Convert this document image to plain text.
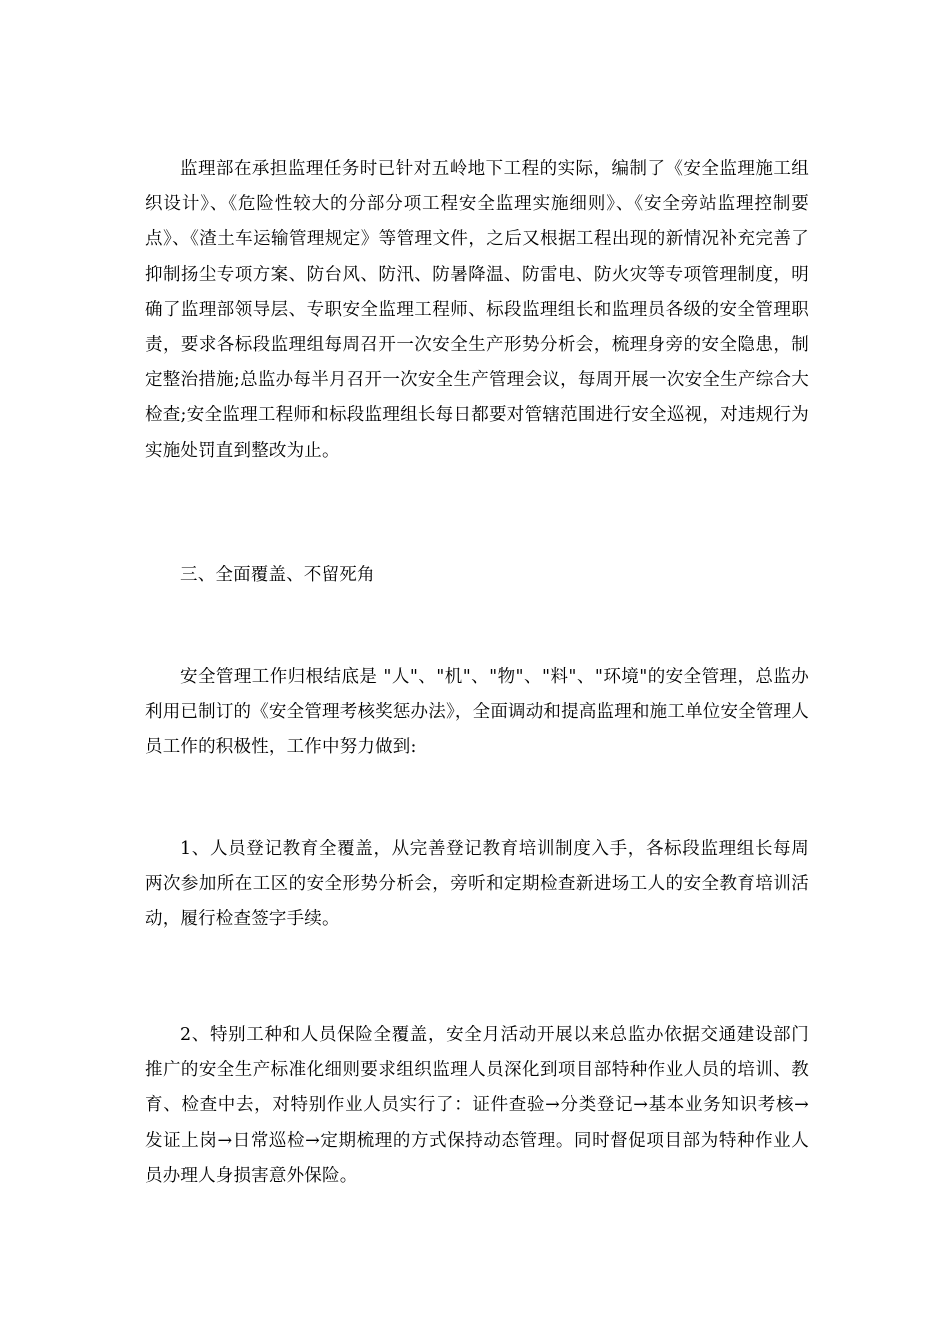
监理部在承担监理任务时已针对五岭地下工程的实际，编制了《安全监理施工组织设计》、《危险性较大的分部分项工程安全监理实施细则》、《安全旁站监理控制要点》、《渣土车运输管理规定》等管理文件，之后又根据工程出现的新情况补充完善了抑制扬尘专项方案、防台风、防汛、防暑降温、防雷电、防火灾等专项管理制度，明确了监理部领导层、专职安全监理工程师、标段监理组长和监理员各级的安全管理职责，要求各标段监理组每周召开一次安全生产形势分析会，梳理身旁的安全隐患，制定整治措施;总监办每半月召开一次安全生产管理会议，每周开展一次安全生产综合大检查;安全监理工程师和标段监理组长每日都要对管辖范围进行安全巡视，对违规行为实施处罚直到整改为止。

三、全面覆盖、不留死角

安全管理工作归根结底是 "人"、"机"、"物"、"料"、"环境"的安全管理，总监办利用已制订的《安全管理考核奖惩办法》，全面调动和提高监理和施工单位安全管理人员工作的积极性，工作中努力做到:

1、人员登记教育全覆盖，从完善登记教育培训制度入手，各标段监理组长每周两次参加所在工区的安全形势分析会，旁听和定期检查新进场工人的安全教育培训活动，履行检查签字手续。

2、特别工种和人员保险全覆盖，安全月活动开展以来总监办依据交通建设部门推广的安全生产标准化细则要求组织监理人员深化到项目部特种作业人员的培训、教育、检查中去，对特别作业人员实行了：证件查验→分类登记→基本业务知识考核→发证上岗→日常巡检→定期梳理的方式保持动态管理。同时督促项目部为特种作业人员办理人身损害意外保险。
